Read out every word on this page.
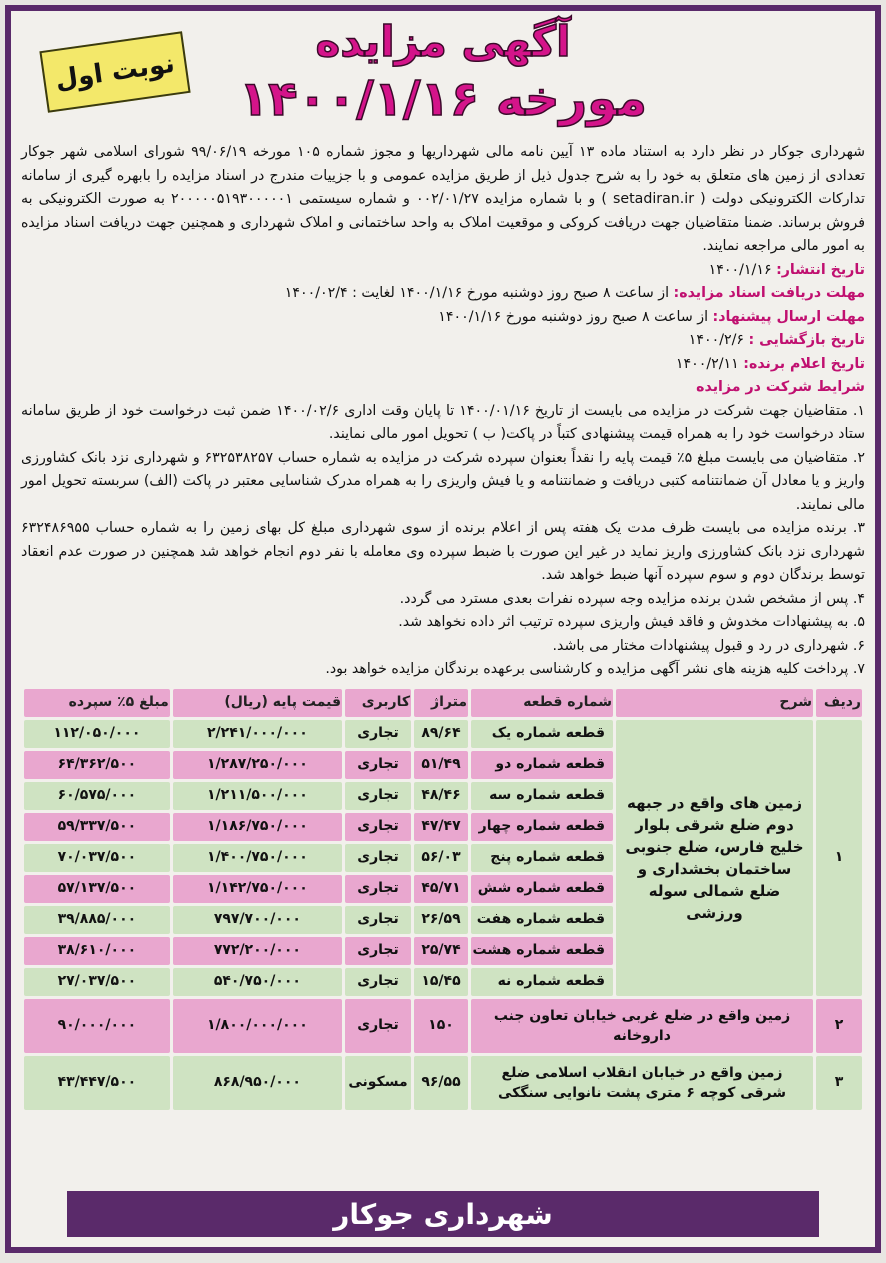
آگهی مزایده
مورخه ۱۴۰۰/۱/۱۶
نوبت اول

شهرداری جوکار در نظر دارد به استناد ماده ۱۳ آیین نامه مالی شهرداریها و مجوز شماره ۱۰۵ مورخه ۹۹/۰۶/۱۹ شورای اسلامی شهر جوکار تعدادی از زمین های متعلق به خود را به شرح جدول ذیل از طریق مزایده عمومی و با جزییات مندرج در اسناد مزایده را بابهره گیری از سامانه تدارکات الکترونیکی دولت ( setadiran.ir ) و با شماره مزایده ۰۰۲/۰۱/۲۷ و شماره سیستمی ۲۰۰۰۰۰۵۱۹۳۰۰۰۰۰۱ به صورت الکترونیکی به فروش برساند. ضمنا متقاضیان جهت دریافت کروکی و موقعیت املاک به واحد ساختمانی و املاک شهرداری و همچنین جهت دریافت اسناد مزایده به امور مالی مراجعه نمایند.

تاریخ انتشار: ۱۴۰۰/۱/۱۶

مهلت دریافت اسناد مزایده: از ساعت ۸ صبح روز دوشنبه مورخ ۱۴۰۰/۱/۱۶ لغایت : ۱۴۰۰/۰۲/۴

مهلت ارسال پیشنهاد: از ساعت ۸ صبح روز دوشنبه مورخ ۱۴۰۰/۱/۱۶

تاریخ بازگشایی : ۱۴۰۰/۲/۶

تاریخ اعلام برنده: ۱۴۰۰/۲/۱۱

شرایط شرکت در مزایده

۱. متقاضیان جهت شرکت در مزایده می بایست از تاریخ ۱۴۰۰/۰۱/۱۶ تا پایان وقت اداری ۱۴۰۰/۰۲/۶ ضمن ثبت درخواست خود از طریق سامانه ستاد درخواست خود را به همراه قیمت پیشنهادی کتباً در پاکت( ب ) تحویل امور مالی نمایند.

۲. متقاضیان می بایست مبلغ ۵٪ قیمت پایه را نقداً بعنوان سپرده شرکت در مزایده به شماره حساب ۶۳۲۵۳۸۲۵۷ و شهرداری نزد بانک کشاورزی واریز و یا معادل آن ضمانتنامه کتبی دریافت و ضمانتنامه و یا فیش واریزی را به همراه مدرک شناسایی معتبر در پاکت (الف) سربسته تحویل امور مالی نمایند.

۳. برنده مزایده می بایست ظرف مدت یک هفته پس از اعلام برنده از سوی شهرداری مبلغ کل بهای زمین را به شماره حساب ۶۳۲۴۸۶۹۵۵ شهرداری نزد بانک کشاورزی واریز نماید در غیر این صورت با ضبط سپرده وی معامله با نفر دوم انجام خواهد شد همچنین در صورت عدم انعقاد توسط برندگان دوم و سوم سپرده آنها ضبط خواهد شد.

۴. پس از مشخص شدن برنده مزایده وجه سپرده نفرات بعدی مسترد می گردد.

۵. به پیشنهادات مخدوش و فاقد فیش واریزی سپرده ترتیب اثر داده نخواهد شد.

۶. شهرداری در رد و قبول پیشنهادات مختار می باشد.

۷. پرداخت کلیه هزینه های نشر آگهی مزایده و کارشناسی برعهده برندگان مزایده خواهد بود.

ردیف	شرح	شماره قطعه	متراژ	کاربری	قیمت پایه (ریال)	مبلغ ۵٪ سپرده
۱	زمین های واقع در جبهه دوم ضلع شرقی بلوار خلیج فارس، ضلع جنوبی ساختمان بخشداری و ضلع شمالی سوله ورزشی	قطعه شماره یک	۸۹/۶۴	تجاری	۲/۲۴۱/۰۰۰/۰۰۰	۱۱۲/۰۵۰/۰۰۰
		قطعه شماره دو	۵۱/۴۹	تجاری	۱/۲۸۷/۲۵۰/۰۰۰	۶۴/۳۶۲/۵۰۰
		قطعه شماره سه	۴۸/۴۶	تجاری	۱/۲۱۱/۵۰۰/۰۰۰	۶۰/۵۷۵/۰۰۰
		قطعه شماره چهار	۴۷/۴۷	تجاری	۱/۱۸۶/۷۵۰/۰۰۰	۵۹/۳۳۷/۵۰۰
		قطعه شماره پنج	۵۶/۰۳	تجاری	۱/۴۰۰/۷۵۰/۰۰۰	۷۰/۰۳۷/۵۰۰
		قطعه شماره شش	۴۵/۷۱	تجاری	۱/۱۴۲/۷۵۰/۰۰۰	۵۷/۱۳۷/۵۰۰
		قطعه شماره هفت	۲۶/۵۹	تجاری	۷۹۷/۷۰۰/۰۰۰	۳۹/۸۸۵/۰۰۰
		قطعه شماره هشت	۲۵/۷۴	تجاری	۷۷۲/۲۰۰/۰۰۰	۳۸/۶۱۰/۰۰۰
		قطعه شماره نه	۱۵/۴۵	تجاری	۵۴۰/۷۵۰/۰۰۰	۲۷/۰۳۷/۵۰۰
۲	زمین واقع در ضلع غربی خیابان تعاون جنب داروخانه		۱۵۰	تجاری	۱/۸۰۰/۰۰۰/۰۰۰	۹۰/۰۰۰/۰۰۰
۳	زمین واقع در خیابان انقلاب اسلامی ضلع شرقی کوچه ۶ متری پشت نانوایی سنگکی		۹۶/۵۵	مسکونی	۸۶۸/۹۵۰/۰۰۰	۴۳/۴۴۷/۵۰۰
شهرداری جوکار
